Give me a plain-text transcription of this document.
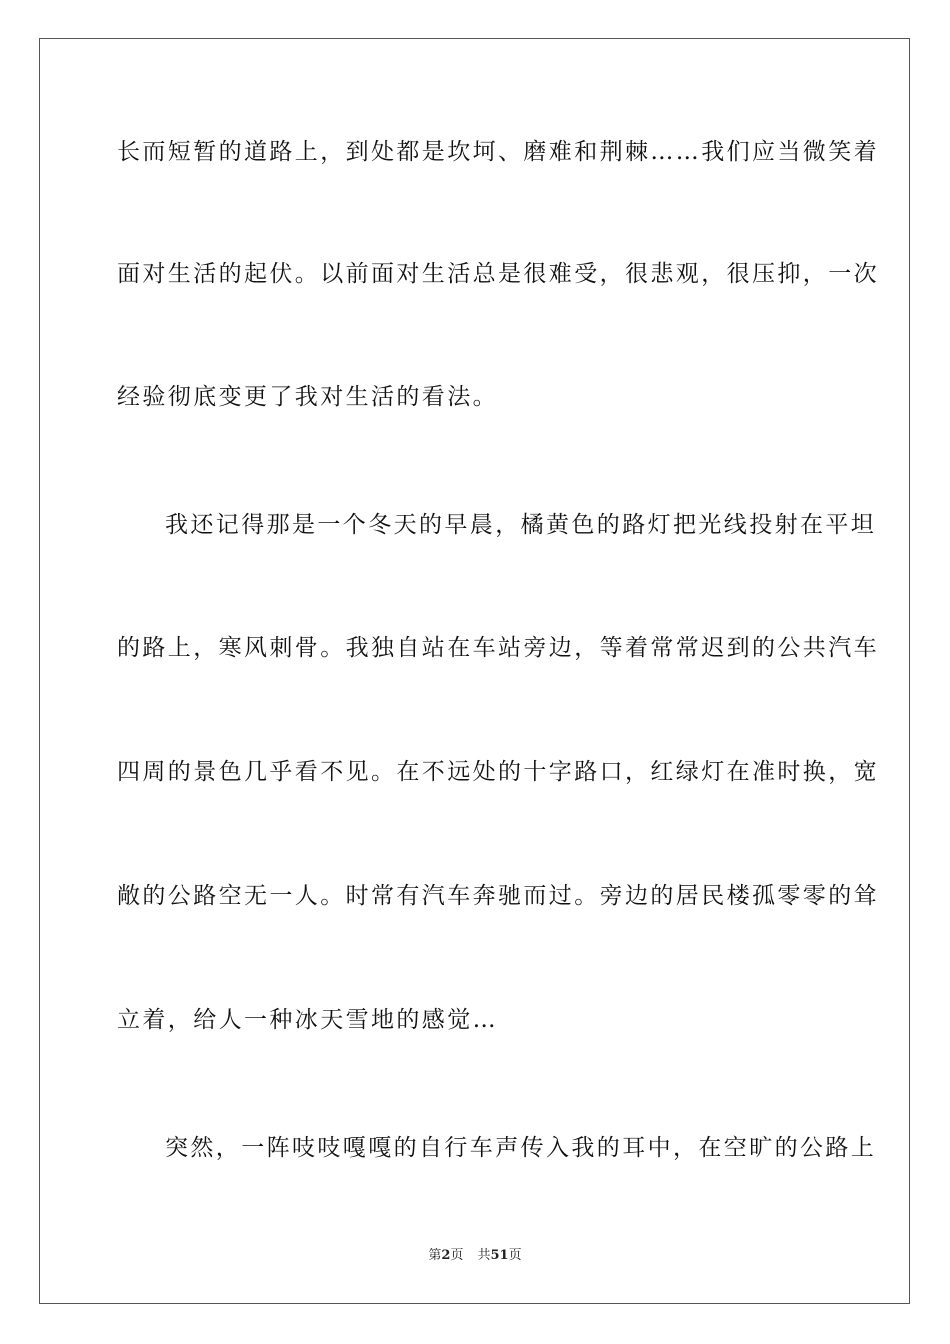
长而短暂的道路上，到处都是坎坷、磨难和荆棘……我们应当微笑着
面对生活的起伏。以前面对生活总是很难受，很悲观，很压抑，一次
经验彻底变更了我对生活的看法。
我还记得那是一个冬天的早晨，橘黄色的路灯把光线投射在平坦
的路上，寒风刺骨。我独自站在车站旁边，等着常常迟到的公共汽车
四周的景色几乎看不见。在不远处的十字路口，红绿灯在准时换，宽
敞的公路空无一人。时常有汽车奔驰而过。旁边的居民楼孤零零的耸
立着，给人一种冰天雪地的感觉…
突然，一阵吱吱嘎嘎的自行车声传入我的耳中，在空旷的公路上
第2页 共51页
